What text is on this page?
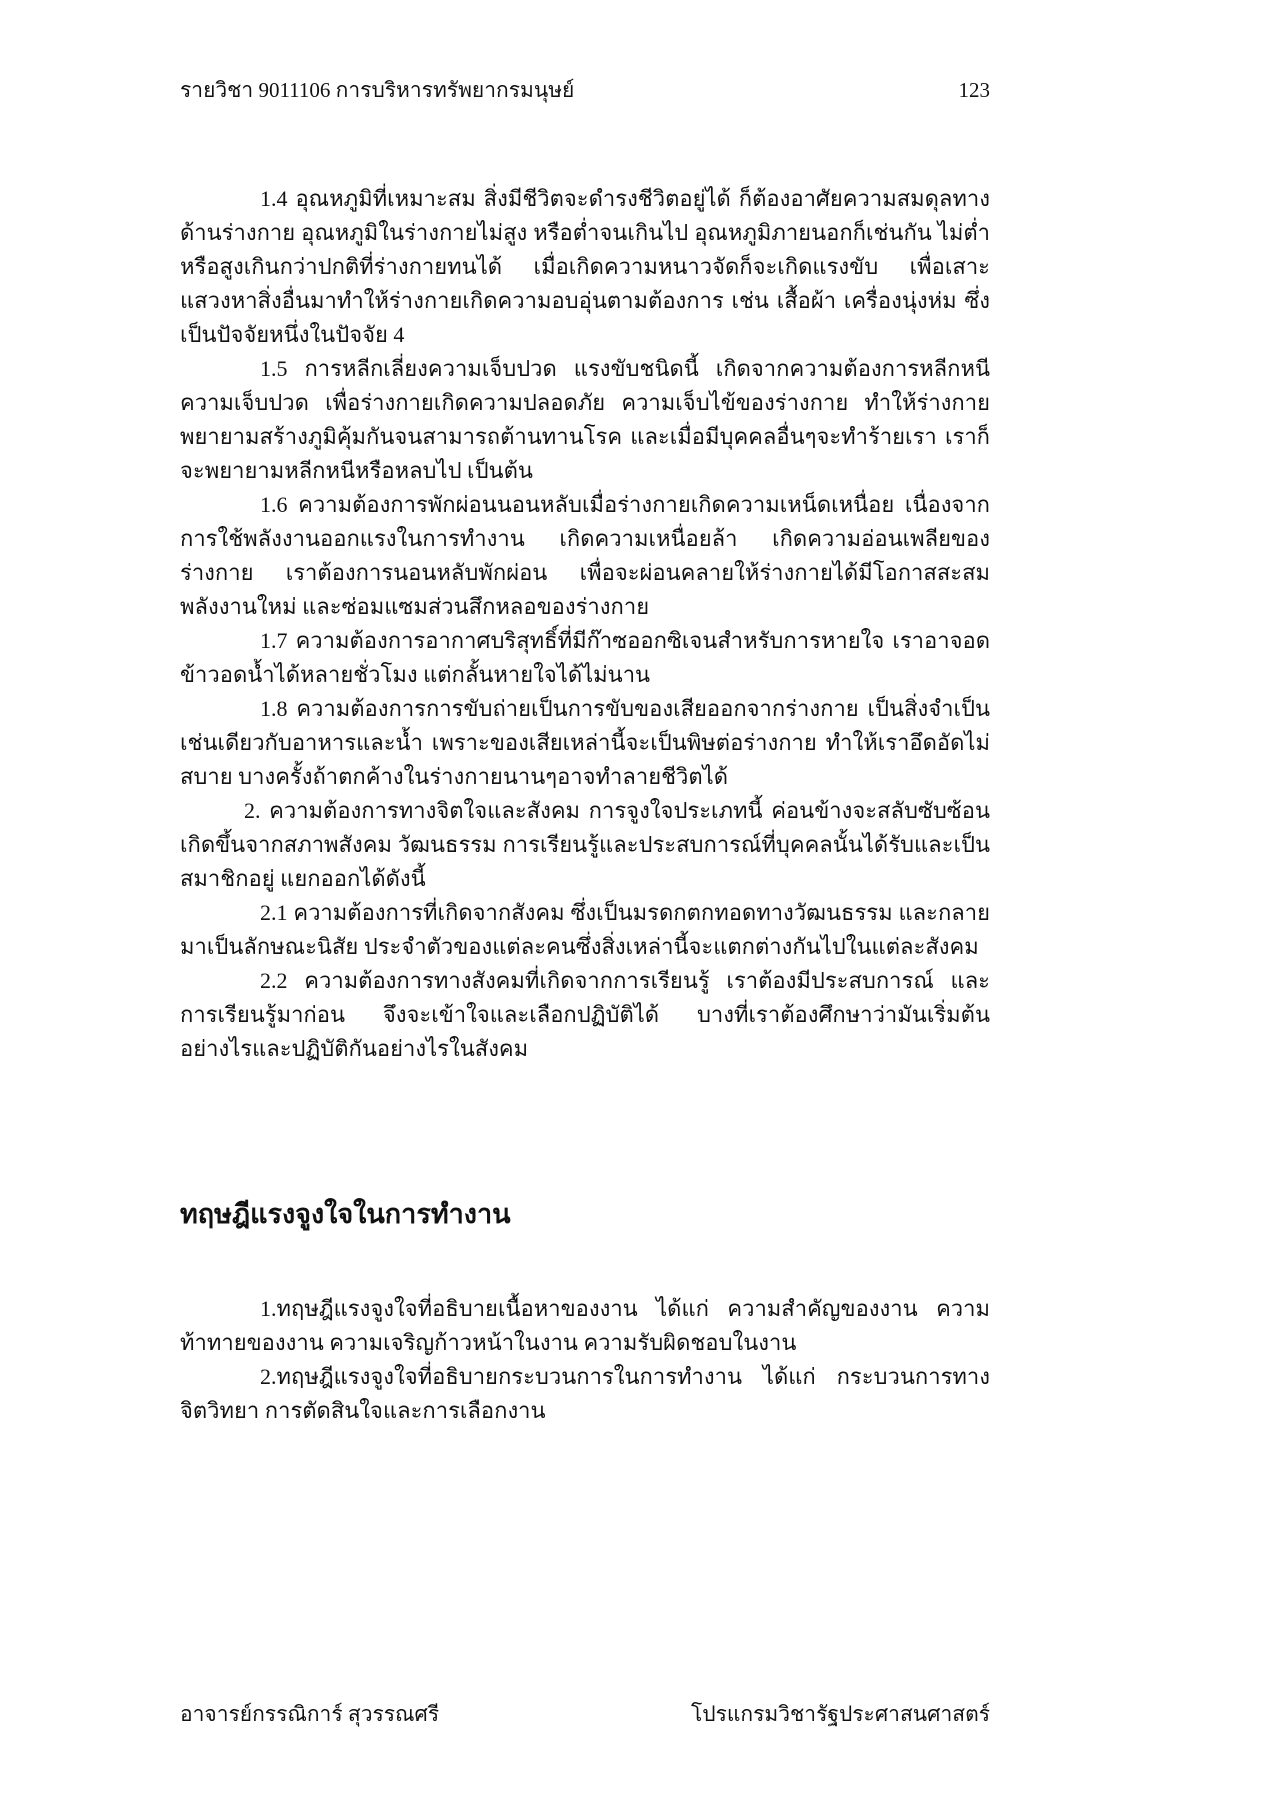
รายวิชา 9011106 การบริหารทรัพยากรมนุษย์	123

1.4 อุณหภูมิที่เหมาะสม สิ่งมีชีวิตจะดำรงชีวิตอยู่ได้ ก็ต้องอาศัยความสมดุลทางด้านร่างกาย อุณหภูมิในร่างกายไม่สูง หรือต่ำจนเกินไป อุณหภูมิภายนอกก็เช่นกัน ไม่ต่ำหรือสูงเกินกว่าปกติที่ร่างกายทนได้ เมื่อเกิดความหนาวจัดก็จะเกิดแรงขับ เพื่อเสาะแสวงหาสิ่งอื่นมาทำให้ร่างกายเกิดความอบอุ่นตามต้องการ เช่น เสื้อผ้า เครื่องนุ่งห่ม ซึ่งเป็นปัจจัยหนึ่งในปัจจัย 4

1.5 การหลีกเลี่ยงความเจ็บปวด แรงขับชนิดนี้ เกิดจากความต้องการหลีกหนีความเจ็บปวด เพื่อร่างกายเกิดความปลอดภัย ความเจ็บไข้ของร่างกาย ทำให้ร่างกายพยายามสร้างภูมิคุ้มกันจนสามารถต้านทานโรค และเมื่อมีบุคคลอื่นๆจะทำร้ายเรา เราก็จะพยายามหลีกหนีหรือหลบไป เป็นต้น

1.6 ความต้องการพักผ่อนนอนหลับเมื่อร่างกายเกิดความเหน็ดเหนื่อย เนื่องจากการใช้พลังงานออกแรงในการทำงาน เกิดความเหนื่อยล้า เกิดความอ่อนเพลียของร่างกาย เราต้องการนอนหลับพักผ่อน เพื่อจะผ่อนคลายให้ร่างกายได้มีโอกาสสะสมพลังงานใหม่ และซ่อมแซมส่วนสึกหลอของร่างกาย

1.7 ความต้องการอากาศบริสุทธิ์ที่มีก๊าซออกซิเจนสำหรับการหายใจ เราอาจอดข้าวอดน้ำได้หลายชั่วโมง แต่กลั้นหายใจได้ไม่นาน

1.8 ความต้องการการขับถ่ายเป็นการขับของเสียออกจากร่างกาย เป็นสิ่งจำเป็นเช่นเดียวกับอาหารและน้ำ เพราะของเสียเหล่านี้จะเป็นพิษต่อร่างกาย ทำให้เราอึดอัดไม่สบาย บางครั้งถ้าตกค้างในร่างกายนานๆอาจทำลายชีวิตได้

2. ความต้องการทางจิตใจและสังคม การจูงใจประเภทนี้ ค่อนข้างจะสลับซับซ้อน เกิดขึ้นจากสภาพสังคม วัฒนธรรม การเรียนรู้และประสบการณ์ที่บุคคลนั้นได้รับและเป็นสมาชิกอยู่ แยกออกได้ดังนี้

2.1 ความต้องการที่เกิดจากสังคม ซึ่งเป็นมรดกตกทอดทางวัฒนธรรม และกลายมาเป็นลักษณะนิสัย ประจำตัวของแต่ละคนซึ่งสิ่งเหล่านี้จะแตกต่างกันไปในแต่ละสังคม

2.2 ความต้องการทางสังคมที่เกิดจากการเรียนรู้ เราต้องมีประสบการณ์ และการเรียนรู้มาก่อน จึงจะเข้าใจและเลือกปฏิบัติได้ บางที่เราต้องศึกษาว่ามันเริ่มต้นอย่างไรและปฏิบัติกันอย่างไรในสังคม

ทฤษฎีแรงจูงใจในการทำงาน

1.ทฤษฎีแรงจูงใจที่อธิบายเนื้อหาของงาน ได้แก่ ความสำคัญของงาน ความท้าทายของงาน ความเจริญก้าวหน้าในงาน ความรับผิดชอบในงาน

2.ทฤษฎีแรงจูงใจที่อธิบายกระบวนการในการทำงาน ได้แก่ กระบวนการทางจิตวิทยา การตัดสินใจและการเลือกงาน

อาจารย์กรรณิการ์ สุวรรณศรี	โปรแกรมวิชารัฐประศาสนศาสตร์
